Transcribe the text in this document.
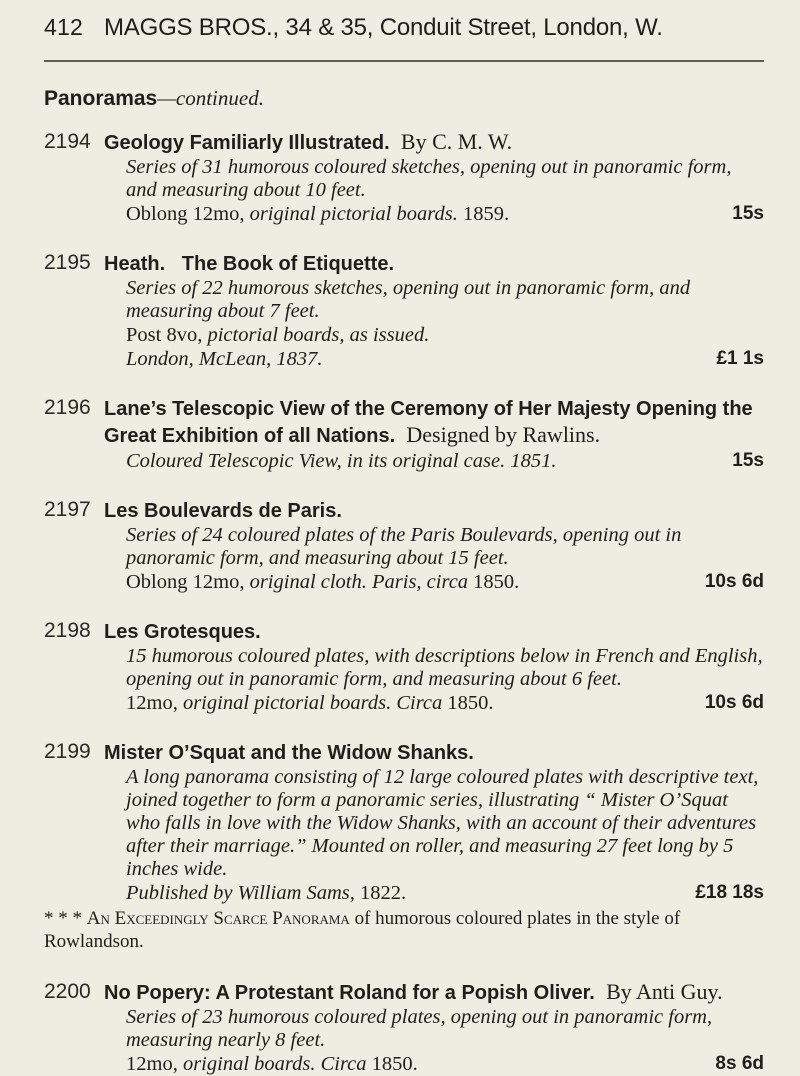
412 MAGGS BROS., 34 & 35, Conduit Street, London, W.
Panoramas—continued.
2194 Geology Familiarly Illustrated. By C. M. W.
Series of 31 humorous coloured sketches, opening out in panoramic form, and measuring about 10 feet.
Oblong 12mo, original pictorial boards. 1859.	15s
2195 Heath.   The Book of Etiquette.
Series of 22 humorous sketches, opening out in panoramic form, and measuring about 7 feet.
Post 8vo, pictorial boards, as issued.
London, McLean, 1837.	£1 1s
2196 Lane’s Telescopic View of the Ceremony of Her Majesty Opening the Great Exhibition of all Nations. Designed by Rawlins.
Coloured Telescopic View, in its original case. 1851.	15s
2197 Les Boulevards de Paris.
Series of 24 coloured plates of the Paris Boulevards, opening out in panoramic form, and measuring about 15 feet.
Oblong 12mo, original cloth. Paris, circa 1850.	10s 6d
2198 Les Grotesques.
15 humorous coloured plates, with descriptions below in French and English, opening out in panoramic form, and measuring about 6 feet.
12mo, original pictorial boards. Circa 1850.	10s 6d
2199 Mister O’Squat and the Widow Shanks.
A long panorama consisting of 12 large coloured plates with descriptive text, joined together to form a panoramic series, illustrating “ Mister O’Squat who falls in love with the Widow Shanks, with an account of their adventures after their marriage.” Mounted on roller, and measuring 27 feet long by 5 inches wide.
Published by William Sams, 1822.	£18 18s
* * * An Exceedingly Scarce Panorama of humorous coloured plates in the style of Rowlandson.
2200 No Popery: A Protestant Roland for a Popish Oliver. By Anti Guy.
Series of 23 humorous coloured plates, opening out in panoramic form, measuring nearly 8 feet.
12mo, original boards. Circa 1850.	8s 6d
